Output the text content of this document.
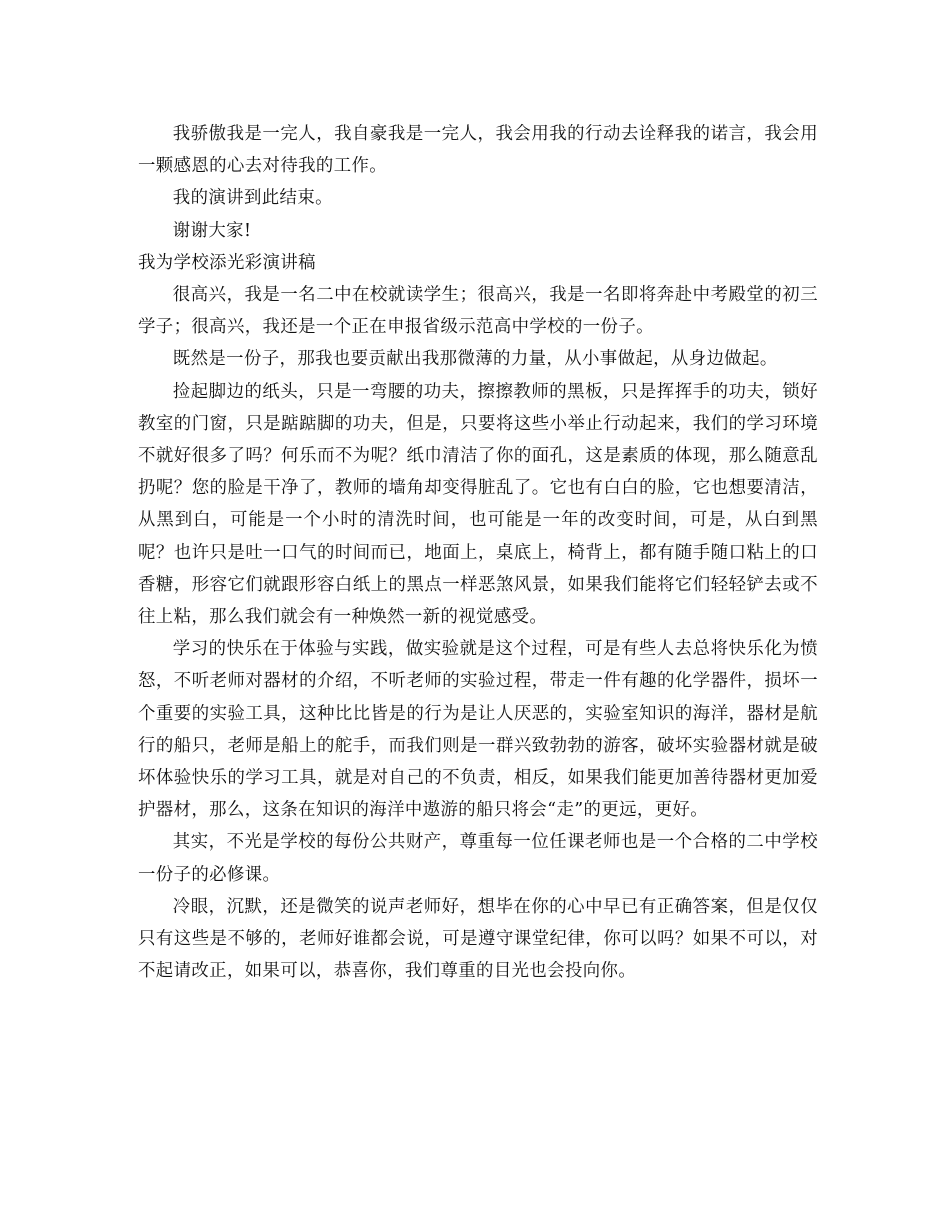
我骄傲我是一完人，我自豪我是一完人，我会用我的行动去诠释我的诺言，我会用一颗感恩的心去对待我的工作。

我的演讲到此结束。

谢谢大家!

我为学校添光彩演讲稿

很高兴，我是一名二中在校就读学生；很高兴，我是一名即将奔赴中考殿堂的初三学子；很高兴，我还是一个正在申报省级示范高中学校的一份子。

既然是一份子，那我也要贡献出我那微薄的力量，从小事做起，从身边做起。

捡起脚边的纸头，只是一弯腰的功夫，擦擦教师的黑板，只是挥挥手的功夫，锁好教室的门窗，只是踮踮脚的功夫，但是，只要将这些小举止行动起来，我们的学习环境不就好很多了吗？何乐而不为呢？纸巾清洁了你的面孔，这是素质的体现，那么随意乱扔呢？您的脸是干净了，教师的墙角却变得脏乱了。它也有白白的脸，它也想要清洁，从黑到白，可能是一个小时的清洗时间，也可能是一年的改变时间，可是，从白到黑呢？也许只是吐一口气的时间而已，地面上，桌底上，椅背上，都有随手随口粘上的口香糖，形容它们就跟形容白纸上的黑点一样恶煞风景，如果我们能将它们轻轻铲去或不往上粘，那么我们就会有一种焕然一新的视觉感受。

学习的快乐在于体验与实践，做实验就是这个过程，可是有些人去总将快乐化为愤怒，不听老师对器材的介绍，不听老师的实验过程，带走一件有趣的化学器件，损坏一个重要的实验工具，这种比比皆是的行为是让人厌恶的，实验室知识的海洋，器材是航行的船只，老师是船上的舵手，而我们则是一群兴致勃勃的游客，破坏实验器材就是破坏体验快乐的学习工具，就是对自己的不负责，相反，如果我们能更加善待器材更加爱护器材，那么，这条在知识的海洋中遨游的船只将会“走”的更远，更好。

其实，不光是学校的每份公共财产，尊重每一位任课老师也是一个合格的二中学校一份子的必修课。

冷眼，沉默，还是微笑的说声老师好，想毕在你的心中早已有正确答案，但是仅仅只有这些是不够的，老师好谁都会说，可是遵守课堂纪律，你可以吗？如果不可以，对不起请改正，如果可以，恭喜你，我们尊重的目光也会投向你。
